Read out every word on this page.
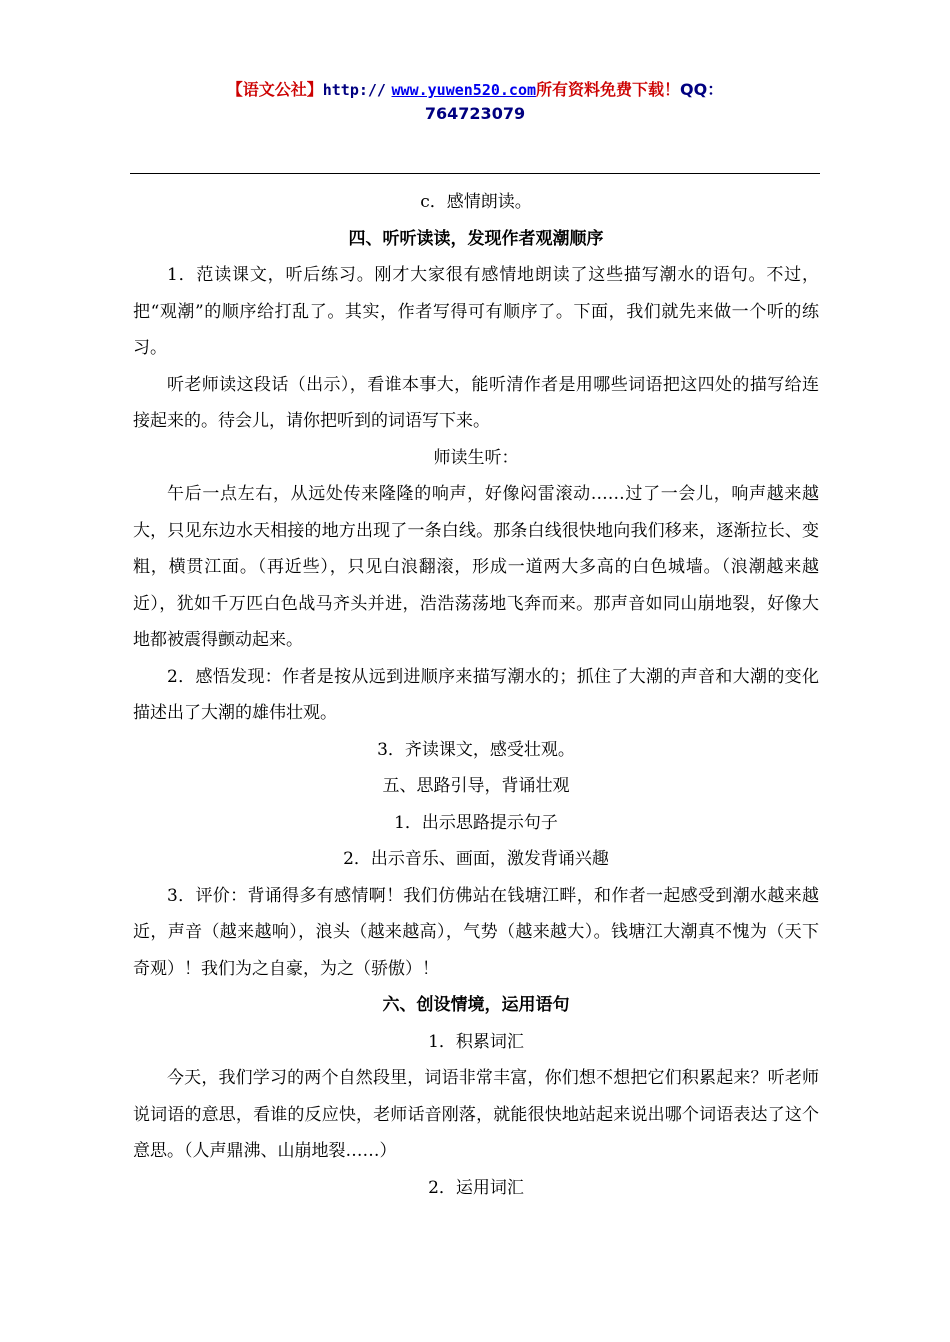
【语文公社】http:// www.yuwen520.com所有资料免费下载！QQ：
764723079

c．感情朗读。

四、听听读读，发现作者观潮顺序

1．范读课文，听后练习。刚才大家很有感情地朗读了这些描写潮水的语句。不过，把“观潮”的顺序给打乱了。其实，作者写得可有顺序了。下面，我们就先来做一个听的练习。

听老师读这段话（出示），看谁本事大，能听清作者是用哪些词语把这四处的描写给连接起来的。待会儿，请你把听到的词语写下来。

师读生听：

午后一点左右，从远处传来隆隆的响声，好像闷雷滚动……过了一会儿，响声越来越大，只见东边水天相接的地方出现了一条白线。那条白线很快地向我们移来，逐渐拉长、变粗，横贯江面。（再近些），只见白浪翻滚，形成一道两大多高的白色城墙。（浪潮越来越近），犹如千万匹白色战马齐头并进，浩浩荡荡地飞奔而来。那声音如同山崩地裂，好像大地都被震得颤动起来。

2．感悟发现：作者是按从远到进顺序来描写潮水的；抓住了大潮的声音和大潮的变化描述出了大潮的雄伟壮观。

3．齐读课文，感受壮观。

五、思路引导，背诵壮观

1．出示思路提示句子

2．出示音乐、画面，激发背诵兴趣

3．评价：背诵得多有感情啊！我们仿佛站在钱塘江畔，和作者一起感受到潮水越来越近，声音（越来越响），浪头（越来越高），气势（越来越大）。钱塘江大潮真不愧为（天下奇观）！我们为之自豪，为之（骄傲）！

六、创设情境，运用语句

1．积累词汇

今天，我们学习的两个自然段里，词语非常丰富，你们想不想把它们积累起来？听老师说词语的意思，看谁的反应快，老师话音刚落，就能很快地站起来说出哪个词语表达了这个意思。（人声鼎沸、山崩地裂……）

2．运用词汇
